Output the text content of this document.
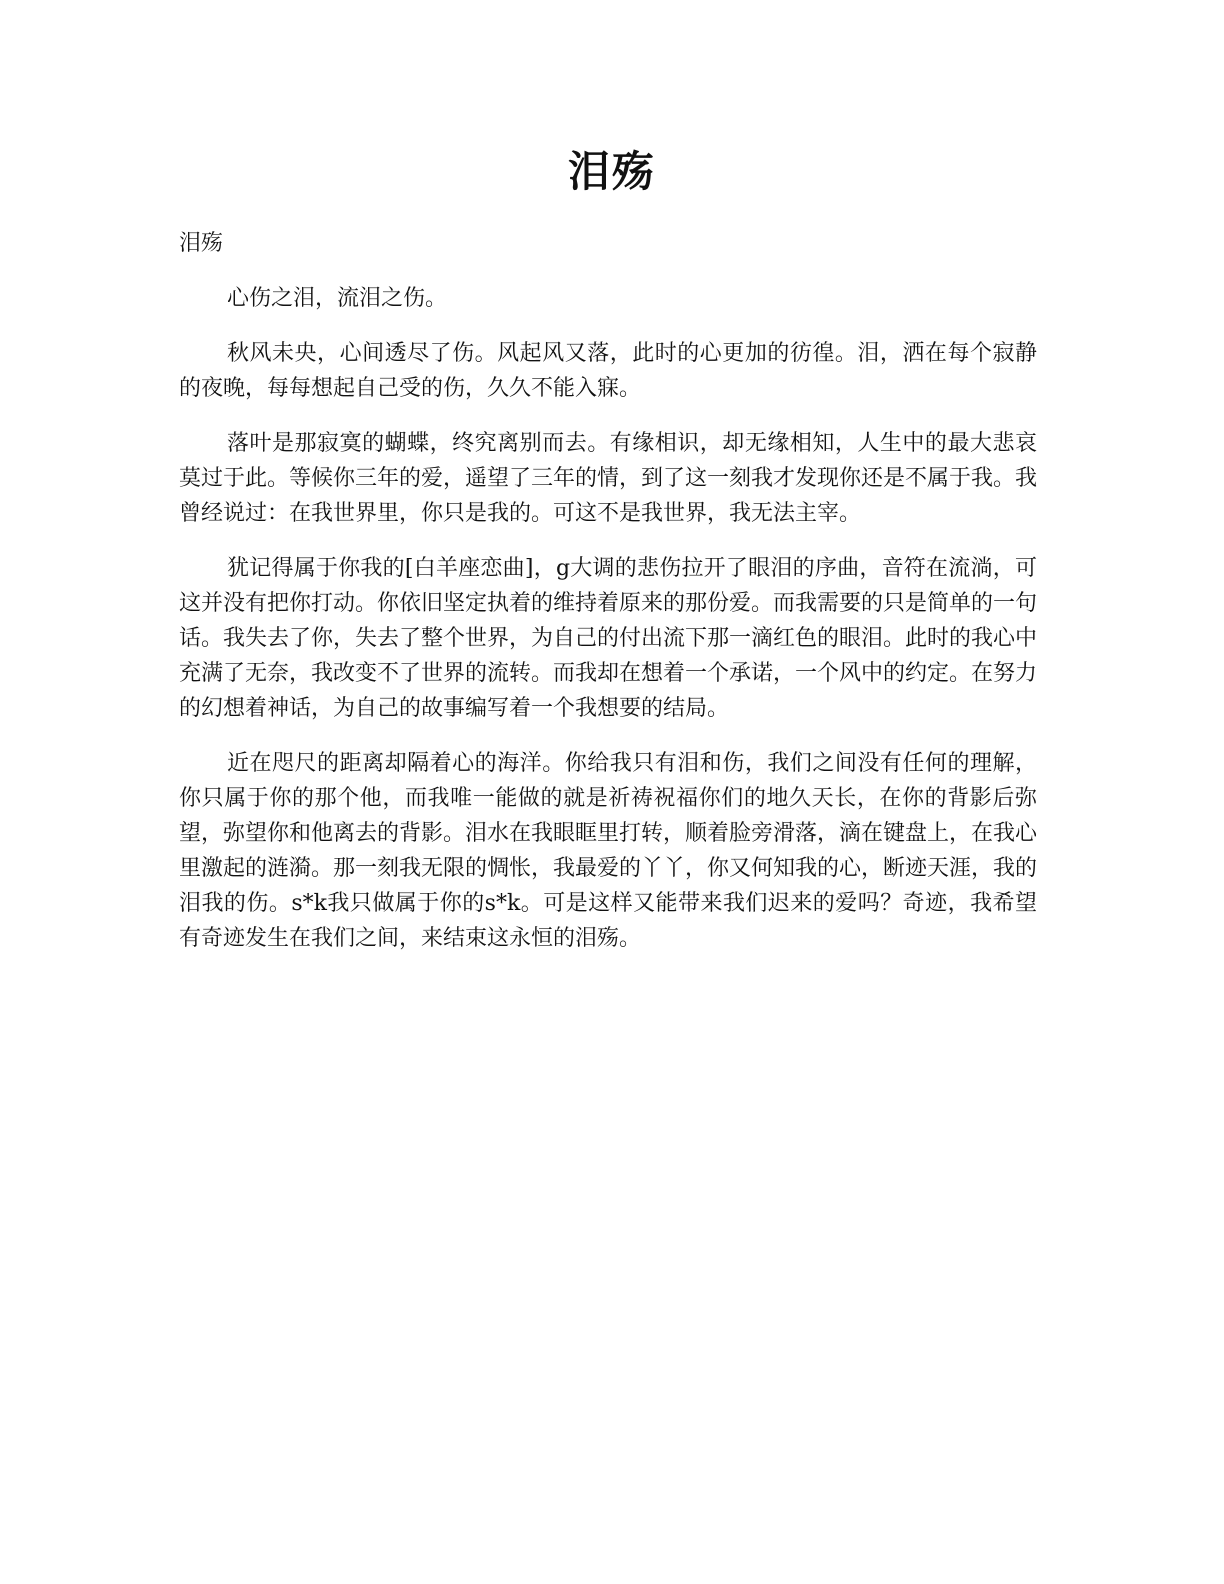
泪殇

泪殇

心伤之泪，流泪之伤。

秋风未央，心间透尽了伤。风起风又落，此时的心更加的彷徨。泪，洒在每个寂静的夜晚，每每想起自己受的伤，久久不能入寐。

落叶是那寂寞的蝴蝶，终究离别而去。有缘相识，却无缘相知，人生中的最大悲哀莫过于此。等候你三年的爱，遥望了三年的情，到了这一刻我才发现你还是不属于我。我曾经说过：在我世界里，你只是我的。可这不是我世界，我无法主宰。

犹记得属于你我的[白羊座恋曲]，g大调的悲伤拉开了眼泪的序曲，音符在流淌，可这并没有把你打动。你依旧坚定执着的维持着原来的那份爱。而我需要的只是简单的一句话。我失去了你，失去了整个世界，为自己的付出流下那一滴红色的眼泪。此时的我心中充满了无奈，我改变不了世界的流转。而我却在想着一个承诺，一个风中的约定。在努力的幻想着神话，为自己的故事编写着一个我想要的结局。

近在咫尺的距离却隔着心的海洋。你给我只有泪和伤，我们之间没有任何的理解，你只属于你的那个他，而我唯一能做的就是祈祷祝福你们的地久天长，在你的背影后弥望，弥望你和他离去的背影。泪水在我眼眶里打转，顺着脸旁滑落，滴在键盘上，在我心里激起的涟漪。那一刻我无限的惆怅，我最爱的丫丫，你又何知我的心，断迹天涯，我的泪我的伤。s*k我只做属于你的s*k。可是这样又能带来我们迟来的爱吗？奇迹，我希望有奇迹发生在我们之间，来结束这永恒的泪殇。
